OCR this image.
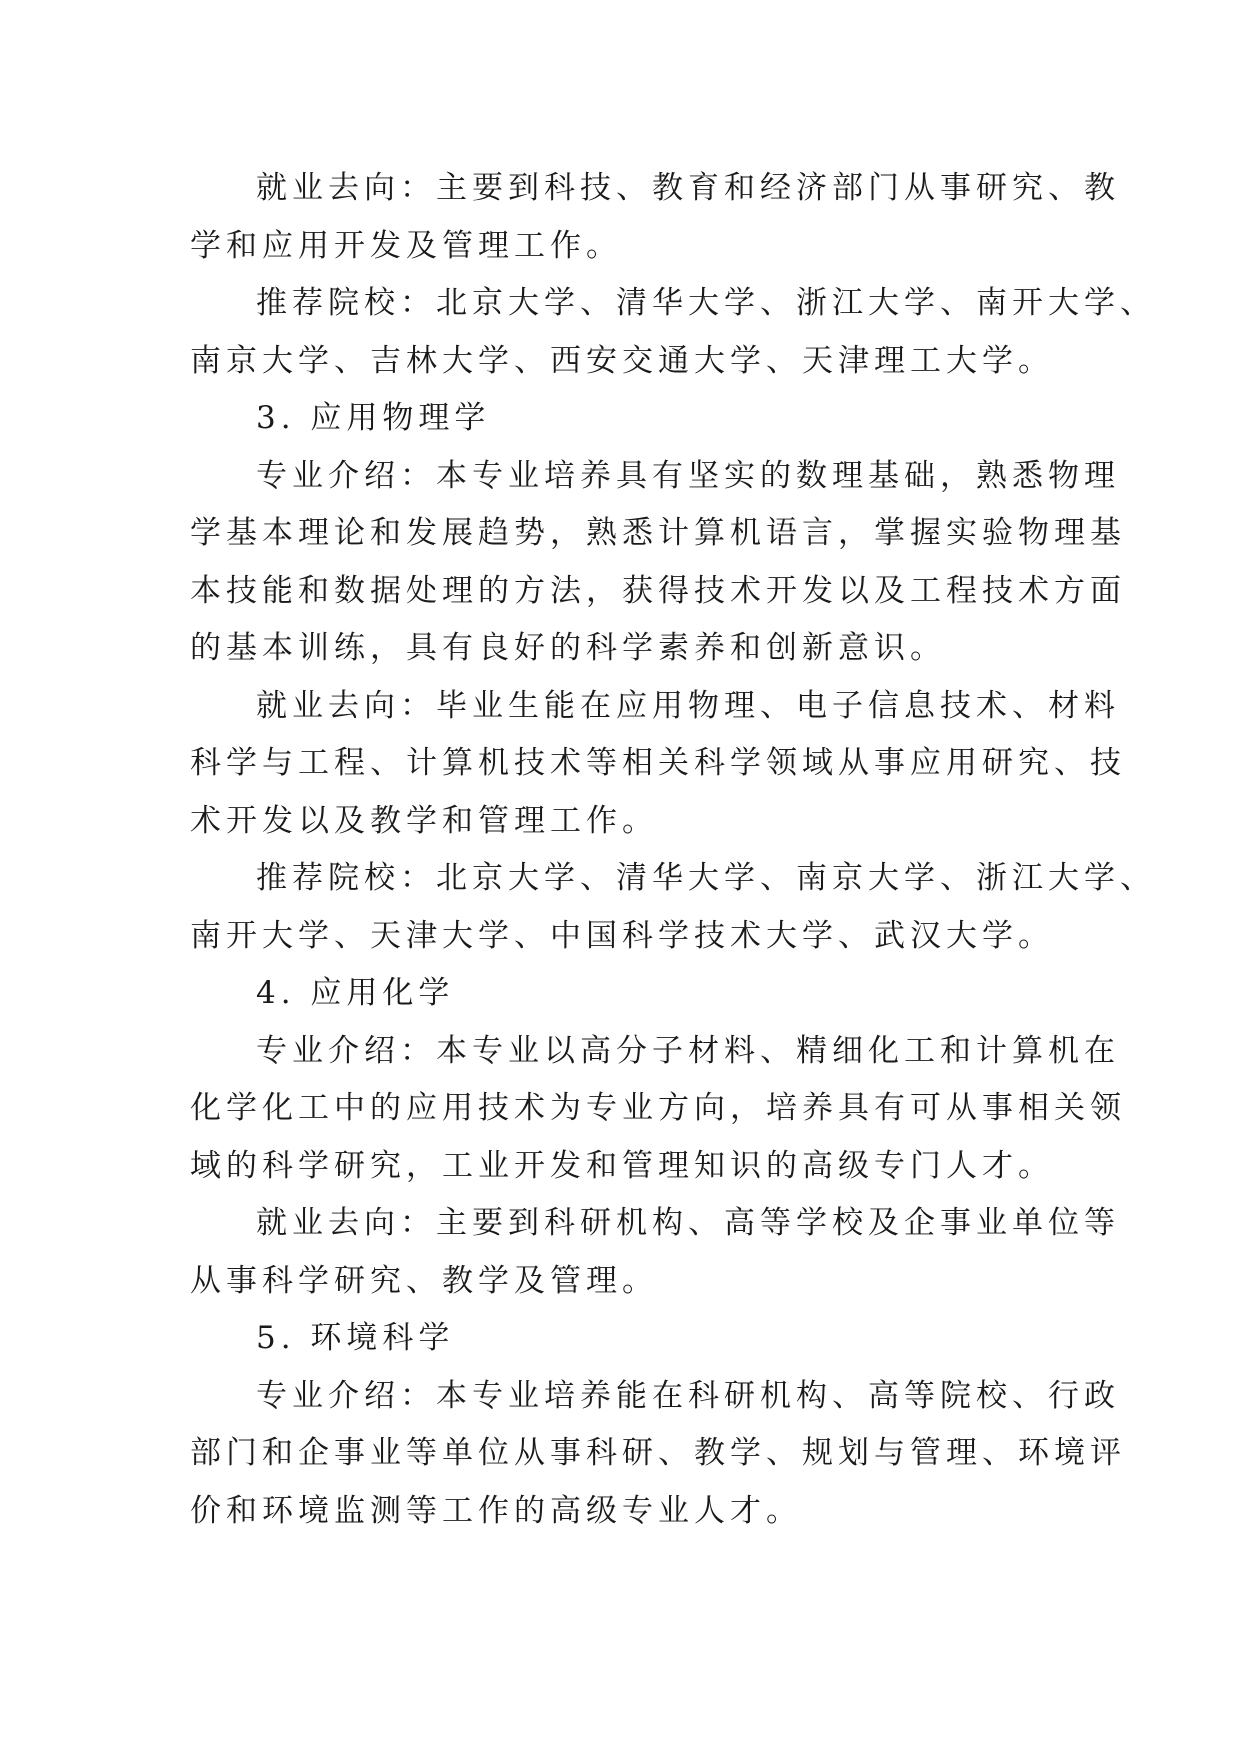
就业去向：主要到科技、教育和经济部门从事研究、教
学和应用开发及管理工作。
推荐院校：北京大学、清华大学、浙江大学、南开大学、
南京大学、吉林大学、西安交通大学、天津理工大学。
3. 应用物理学
专业介绍：本专业培养具有坚实的数理基础，熟悉物理
学基本理论和发展趋势，熟悉计算机语言，掌握实验物理基
本技能和数据处理的方法，获得技术开发以及工程技术方面
的基本训练，具有良好的科学素养和创新意识。
就业去向：毕业生能在应用物理、电子信息技术、材料
科学与工程、计算机技术等相关科学领域从事应用研究、技
术开发以及教学和管理工作。
推荐院校：北京大学、清华大学、南京大学、浙江大学、
南开大学、天津大学、中国科学技术大学、武汉大学。
4. 应用化学
专业介绍：本专业以高分子材料、精细化工和计算机在
化学化工中的应用技术为专业方向，培养具有可从事相关领
域的科学研究，工业开发和管理知识的高级专门人才。
就业去向：主要到科研机构、高等学校及企事业单位等
从事科学研究、教学及管理。
5. 环境科学
专业介绍：本专业培养能在科研机构、高等院校、行政
部门和企事业等单位从事科研、教学、规划与管理、环境评
价和环境监测等工作的高级专业人才。
